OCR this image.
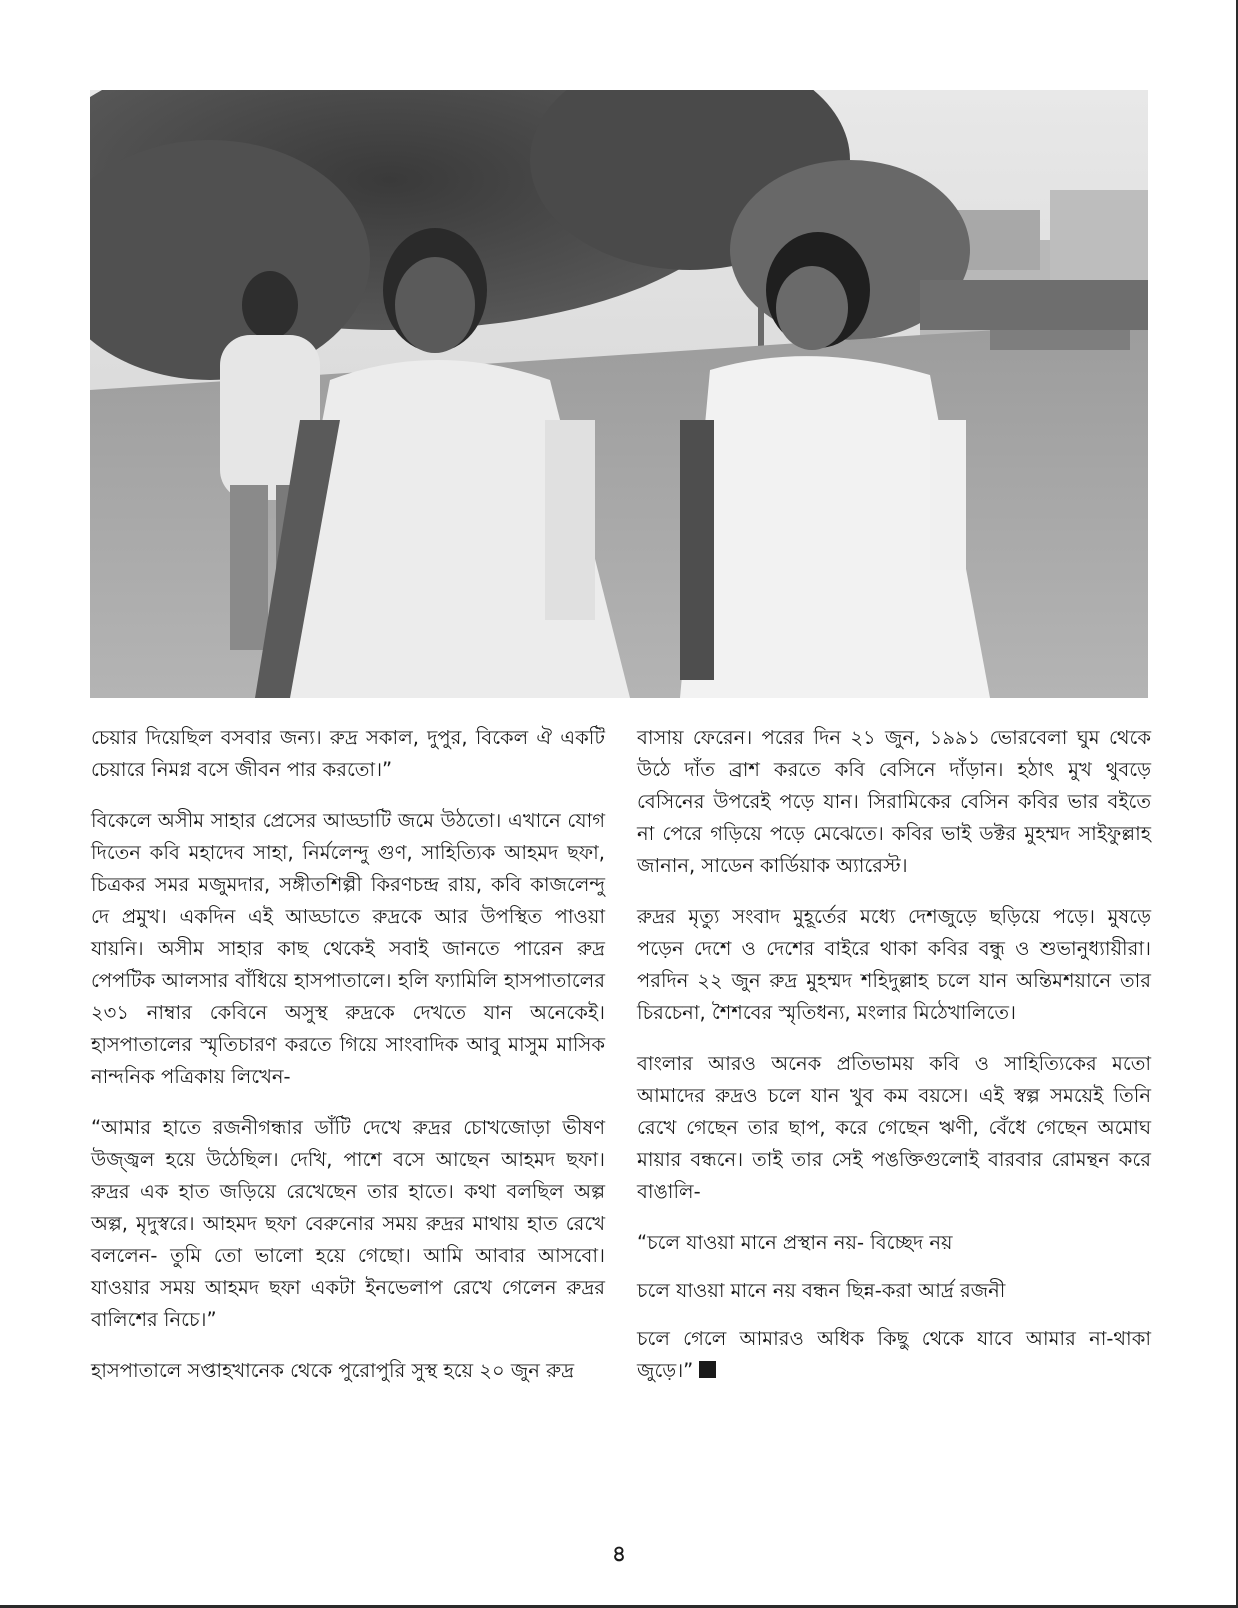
চেয়ার দিয়েছিল বসবার জন্য। রুদ্র সকাল, দুপুর, বিকেল ঐ একটি চেয়ারে নিমগ্ন বসে জীবন পার করতো।”

বিকেলে অসীম সাহার প্রেসের আড্ডাটি জমে উঠতো। এখানে যোগ দিতেন কবি মহাদেব সাহা, নির্মলেন্দু গুণ, সাহিত্যিক আহমদ ছফা, চিত্রকর সমর মজুমদার, সঙ্গীতশিল্পী কিরণচন্দ্র রায়, কবি কাজলেন্দু দে প্রমুখ। একদিন এই আড্ডাতে রুদ্রকে আর উপস্থিত পাওয়া যায়নি। অসীম সাহার কাছ থেকেই সবাই জানতে পারেন রুদ্র পেপটিক আলসার বাঁধিয়ে হাসপাতালে। হলি ফ্যামিলি হাসপাতালের ২৩১ নাম্বার কেবিনে অসুস্থ রুদ্রকে দেখতে যান অনেকেই। হাসপাতালের স্মৃতিচারণ করতে গিয়ে সাংবাদিক আবু মাসুম মাসিক নান্দনিক পত্রিকায় লিখেন-

“আমার হাতে রজনীগন্ধার ডাঁটি দেখে রুদ্রর চোখজোড়া ভীষণ উজ্জ্বল হয়ে উঠেছিল। দেখি, পাশে বসে আছেন আহমদ ছফা। রুদ্রর এক হাত জড়িয়ে রেখেছেন তার হাতে। কথা বলছিল অল্প অল্প, মৃদুস্বরে। আহমদ ছফা বেরুনোর সময় রুদ্রর মাথায় হাত রেখে বললেন- তুমি তো ভালো হয়ে গেছো। আমি আবার আসবো। যাওয়ার সময় আহমদ ছফা একটা ইনভেলাপ রেখে গেলেন রুদ্রর বালিশের নিচে।”

হাসপাতালে সপ্তাহখানেক থেকে পুরোপুরি সুস্থ হয়ে ২০ জুন রুদ্র

বাসায় ফেরেন। পরের দিন ২১ জুন, ১৯৯১ ভোরবেলা ঘুম থেকে উঠে দাঁত ব্রাশ করতে কবি বেসিনে দাঁড়ান। হঠাৎ মুখ থুবড়ে বেসিনের উপরেই পড়ে যান। সিরামিকের বেসিন কবির ভার বইতে না পেরে গড়িয়ে পড়ে মেঝেতে। কবির ভাই ডক্টর মুহম্মদ সাইফুল্লাহ জানান, সাডেন কার্ডিয়াক অ্যারেস্ট।

রুদ্রর মৃত্যু সংবাদ মুহূর্তের মধ্যে দেশজুড়ে ছড়িয়ে পড়ে। মুষড়ে পড়েন দেশে ও দেশের বাইরে থাকা কবির বন্ধু ও শুভানুধ্যায়ীরা। পরদিন ২২ জুন রুদ্র মুহম্মদ শহিদুল্লাহ চলে যান অন্তিমশয়ানে তার চিরচেনা, শৈশবের স্মৃতিধন্য, মংলার মিঠেখালিতে।

বাংলার আরও অনেক প্রতিভাময় কবি ও সাহিত্যিকের মতো আমাদের রুদ্রও চলে যান খুব কম বয়সে। এই স্বল্প সময়েই তিনি রেখে গেছেন তার ছাপ, করে গেছেন ঋণী, বেঁধে গেছেন অমোঘ মায়ার বন্ধনে। তাই তার সেই পঙক্তিগুলোই বারবার রোমন্থন করে বাঙালি-

“চলে যাওয়া মানে প্রস্থান নয়- বিচ্ছেদ নয়

চলে যাওয়া মানে নয় বন্ধন ছিন্ন-করা আর্দ্র রজনী

চলে গেলে আমারও অধিক কিছু থেকে যাবে আমার না-থাকা জুড়ে।”

৪
